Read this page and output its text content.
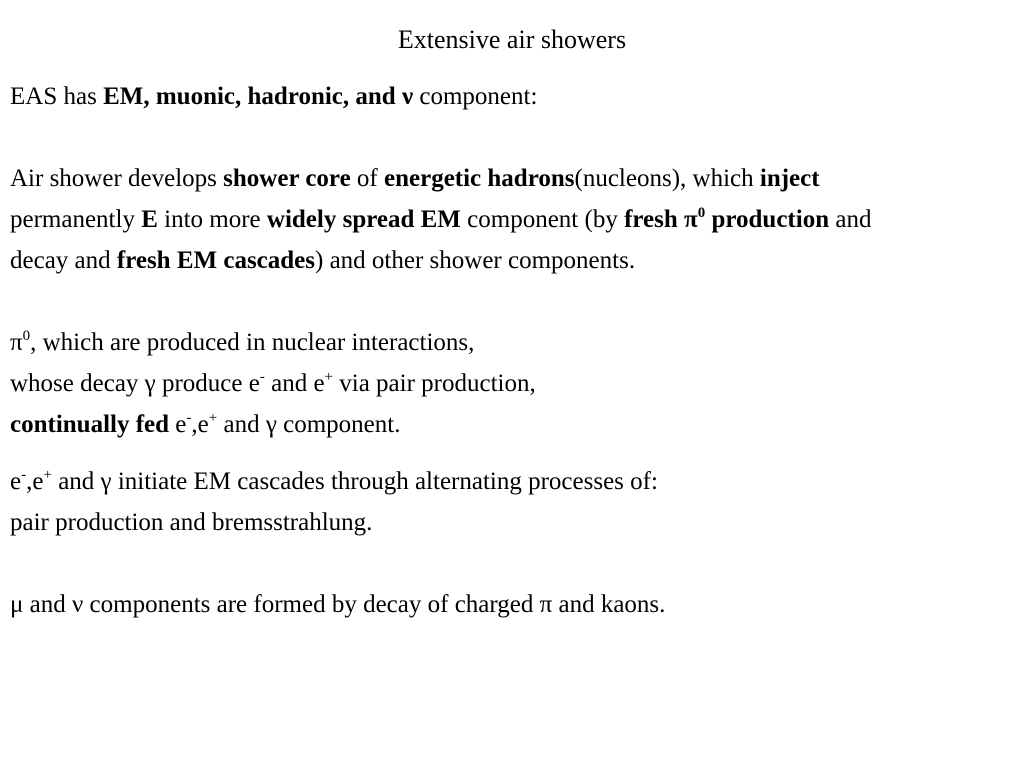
Extensive air showers
EAS has EM, muonic, hadronic, and ν component:
Air shower develops shower core of energetic hadrons(nucleons), which inject
permanently E into more widely spread EM component (by fresh $\pi^0$ production and
decay and fresh EM cascades) and other shower components.
$\pi^0$, which are produced in nuclear interactions,
whose decay γ produce e- and e+ via pair production,
continually fed e-,e+ and γ component.
e-,e+ and γ initiate EM cascades through alternating processes of:
pair production and bremsstrahlung.
μ and ν components are formed by decay of charged π and kaons.
